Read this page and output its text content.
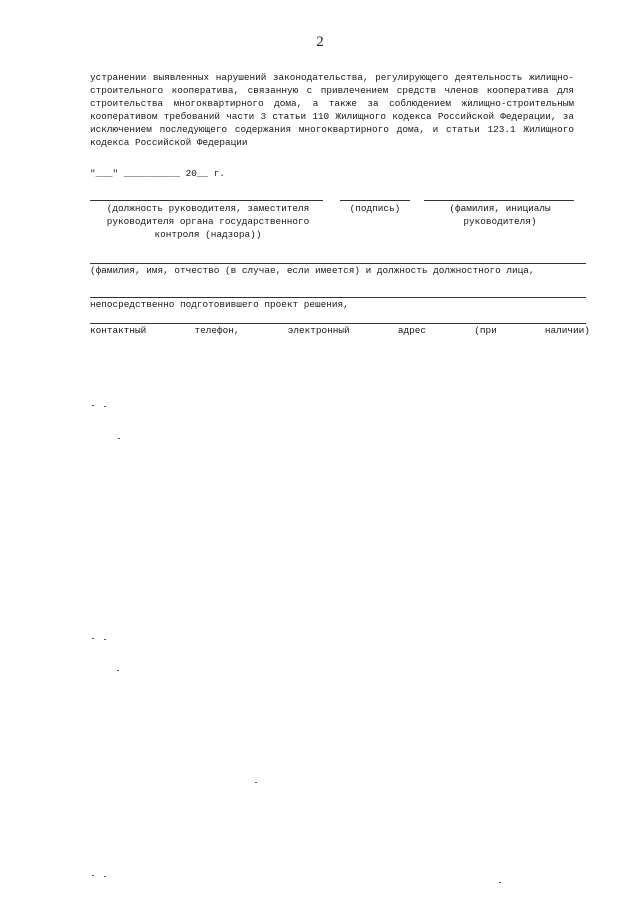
2
устранении выявленных нарушений законодательства, регулирующего деятельность жилищно-строительного кооператива, связанную с привлечением средств членов кооператива для строительства многоквартирного дома, а также за соблюдением жилищно-строительным кооперативом требований части 3 статьи 110 Жилищного кодекса Российской Федерации, за исключением последующего содержания многоквартирного дома, и статьи 123.1 Жилищного кодекса Российской Федерации
"___" __________ 20__ г.
(должность руководителя, заместителя руководителя органа государственного контроля (надзора))
(подпись)	(фамилия, инициалы руководителя)
(фамилия, имя, отчество (в случае, если имеется) и должность должностного лица,
непосредственно подготовившего проект решения,
контактный	телефон,	электронный	адрес	(при	наличии)
